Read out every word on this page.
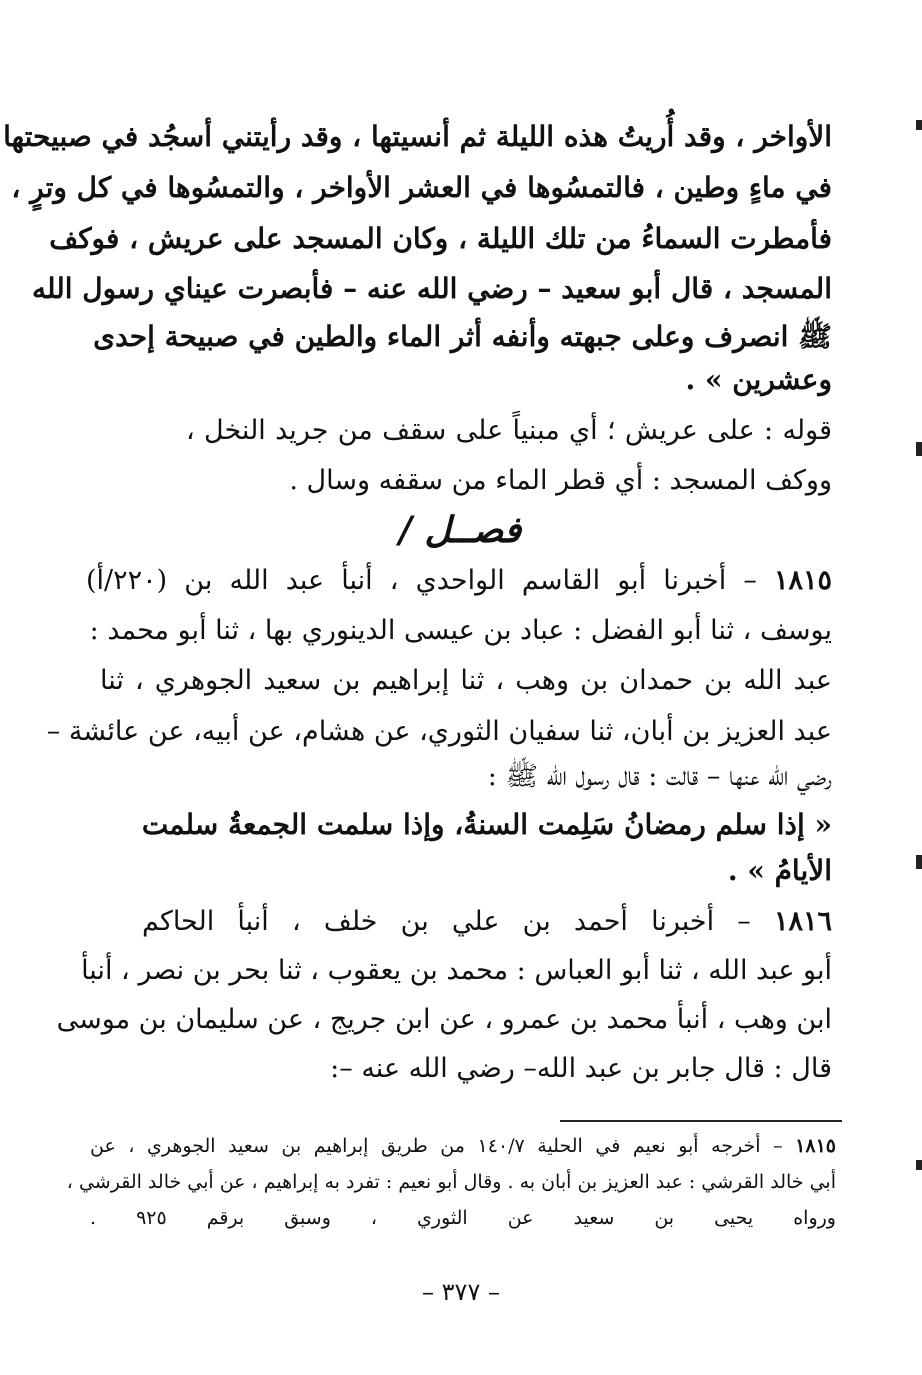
الأواخر ، وقد أُريتُ هذه الليلة ثم أنسيتها ، وقد رأيتني أسجُد في صبيحتها
في ماءٍ وطين ، فالتمسُوها في العشر الأواخر ، والتمسُوها في كل وترٍ ،
فأمطرت السماءُ من تلك الليلة ، وكان المسجد على عريش ، فوكف
المسجد ، قال أبو سعيد – رضي الله عنه – فأبصرت عيناي رسول الله
ﷺ انصرف وعلى جبهته وأنفه أثر الماء والطين في صبيحة إحدى
وعشرين » .
قوله : على عريش ؛ أي مبنياً على سقف من جريد النخل ،
ووكف المسجد : أي قطر الماء من سقفه وسال .
فصــل /
١٨١٥ – أخبرنا أبو القاسم الواحدي ، أنبأ عبد الله بن (٢٢٠/أ)
يوسف ، ثنا أبو الفضل : عباد بن عيسى الدينوري بها ، ثنا أبو محمد :
عبد الله بن حمدان بن وهب ، ثنا إبراهيم بن سعيد الجوهري ، ثنا
عبد العزيز بن أبان، ثنا سفيان الثوري، عن هشام، عن أبيه، عن عائشة –
رضي الله عنها – قالت : قال رسول الله ﷺ :
« إذا سلم رمضانُ سَلِمت السنةُ، وإذا سلمت الجمعةُ سلمت
الأيامُ » .
١٨١٦ – أخبرنا أحمد بن علي بن خلف ، أنبأ الحاكم
أبو عبد الله ، ثنا أبو العباس : محمد بن يعقوب ، ثنا بحر بن نصر ، أنبأ
ابن وهب ، أنبأ محمد بن عمرو ، عن ابن جريج ، عن سليمان بن موسى
قال : قال جابر بن عبد الله– رضي الله عنه –:
١٨١٥ – أخرجه أبو نعيم في الحلية ١٤٠/٧ من طريق إبراهيم بن سعيد الجوهري ، عن
أبي خالد القرشي : عبد العزيز بن أبان به . وقال أبو نعيم : تفرد به إبراهيم ، عن أبي خالد القرشي ،
ورواه يحيى بن سعيد عن الثوري ، وسبق برقم ٩٢٥ .
– ٣٧٧ –
